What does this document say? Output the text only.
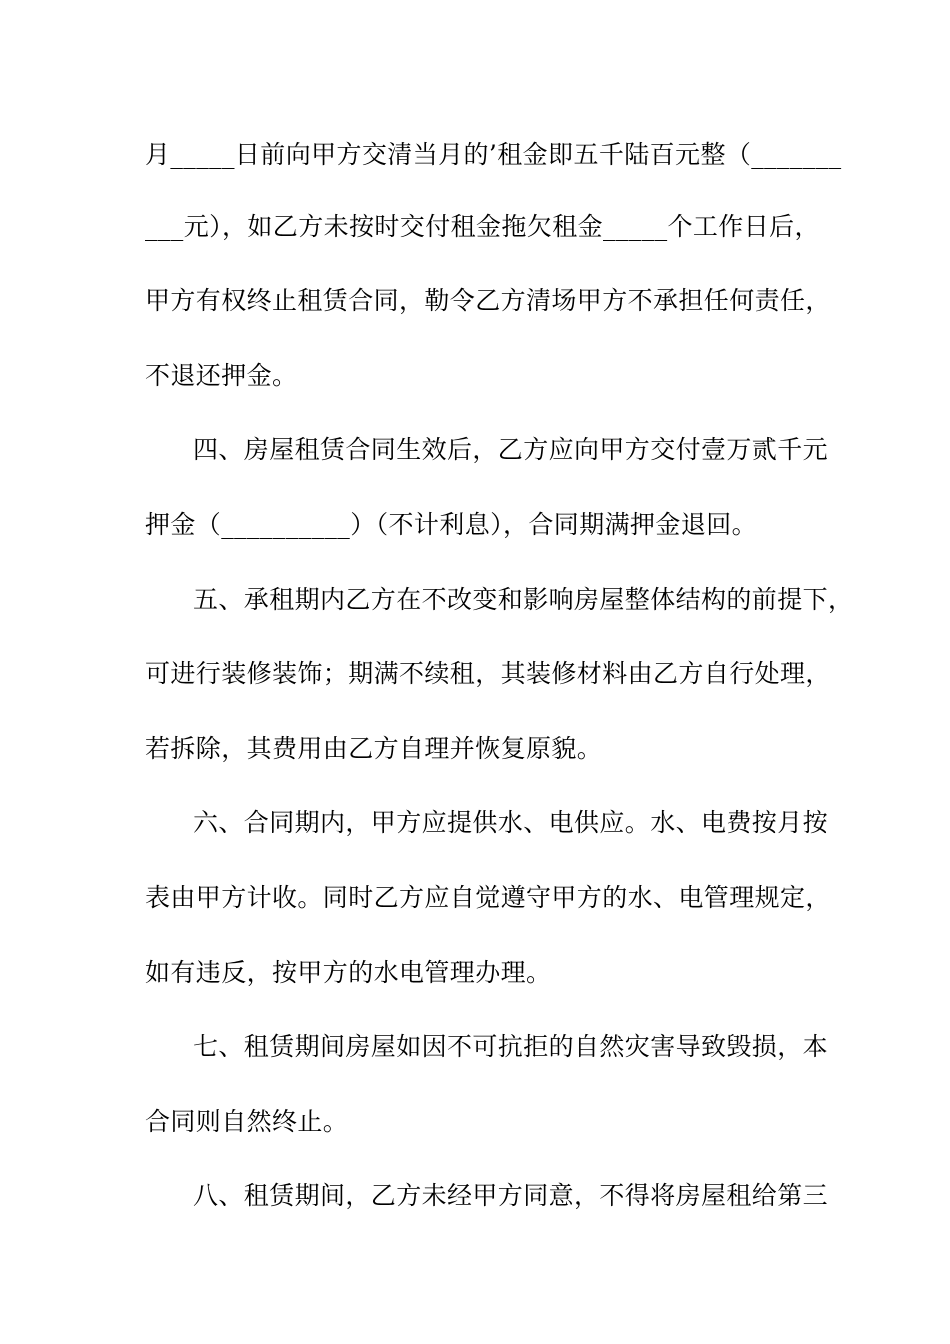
月_____日前向甲方交清当月的’租金即五千陆百元整（_______
___元），如乙方未按时交付租金拖欠租金_____个工作日后，
甲方有权终止租赁合同，勒令乙方清场甲方不承担任何责任，
不退还押金。
四、房屋租赁合同生效后，乙方应向甲方交付壹万贰千元
押金（__________）（不计利息），合同期满押金退回。
五、承租期内乙方在不改变和影响房屋整体结构的前提下，
可进行装修装饰；期满不续租，其装修材料由乙方自行处理，
若拆除，其费用由乙方自理并恢复原貌。
六、合同期内，甲方应提供水、电供应。水、电费按月按
表由甲方计收。同时乙方应自觉遵守甲方的水、电管理规定，
如有违反，按甲方的水电管理办理。
七、租赁期间房屋如因不可抗拒的自然灾害导致毁损，本
合同则自然终止。
八、租赁期间，乙方未经甲方同意，不得将房屋租给第三
